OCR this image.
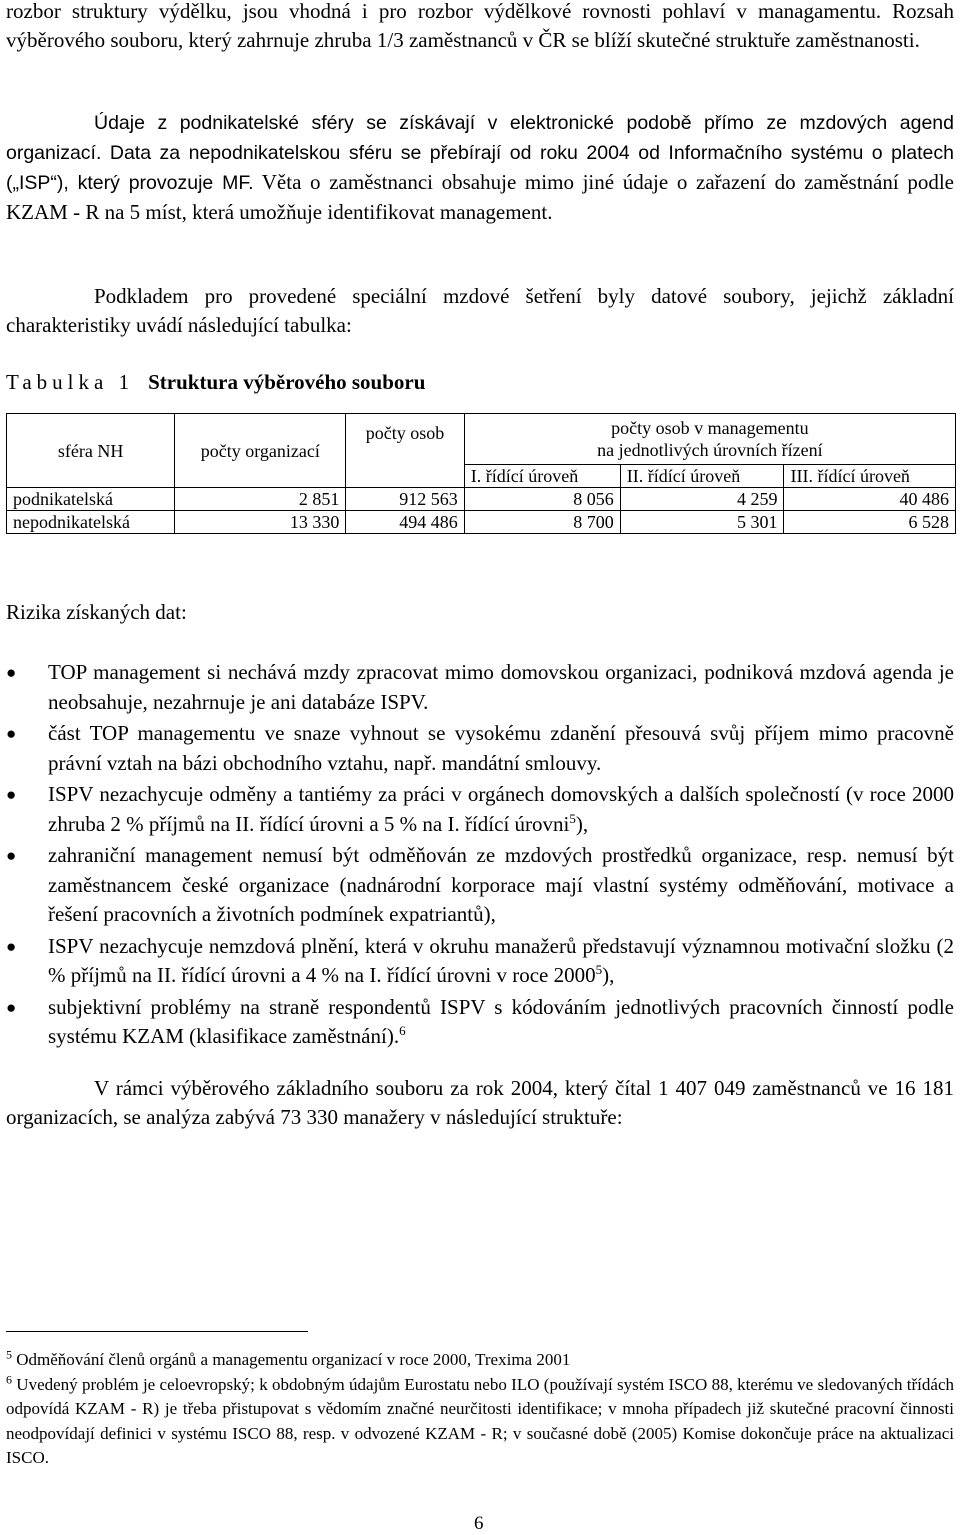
rozbor struktury výdělku, jsou vhodná i pro rozbor výdělkové rovnosti pohlaví v managamentu. Rozsah výběrového souboru, který zahrnuje zhruba 1/3 zaměstnanců v ČR se blíží skutečné struktuře zaměstnanosti.

Údaje z podnikatelské sféry se získávají v elektronické podobě přímo ze mzdových agend organizací. Data za nepodnikatelskou sféru se přebírají od roku 2004 od Informačního systému o platech („ISP“), který provozuje MF. Věta o zaměstnanci obsahuje mimo jiné údaje o zařazení do zaměstnání podle KZAM - R na 5 míst, která umožňuje identifikovat management.

Podkladem pro provedené speciální mzdové šetření byly datové soubory, jejichž základní charakteristiky uvádí následující tabulka:

Tabulka 1 Struktura výběrového souboru
sféra NH	počty organizací	počty osob	počty osob v managementu
na jednotlivých úrovních řízení		

			I. řídící úroveň	II. řídící úroveň	III. řídící úroveň
podnikatelská	2 851	912 563	8 056	4 259	40 486
nepodnikatelská	13 330	494 486	8 700	5 301	6 528
Rizika získaných dat:
● TOP management si nechává mzdy zpracovat mimo domovskou organizaci, podniková mzdová agenda je neobsahuje, nezahrnuje je ani databáze ISPV.
● část TOP managementu ve snaze vyhnout se vysokému zdanění přesouvá svůj příjem mimo pracovně právní vztah na bázi obchodního vztahu, např. mandátní smlouvy.
● ISPV nezachycuje odměny a tantiémy za práci v orgánech domovských a dalších společností (v roce 2000 zhruba 2 % příjmů na II. řídící úrovni a 5 % na I. řídící úrovni$^5$),
● zahraniční management nemusí být odměňován ze mzdových prostředků organizace, resp. nemusí být zaměstnancem české organizace (nadnárodní korporace mají vlastní systémy odměňování, motivace a řešení pracovních a životních podmínek expatriantů),
● ISPV nezachycuje nemzdová plnění, která v okruhu manažerů představují významnou motivační složku (2 % příjmů na II. řídící úrovni a 4 % na I. řídící úrovni v roce 2000$^5$),
● subjektivní problémy na straně respondentů ISPV s kódováním jednotlivých pracovních činností podle systému KZAM (klasifikace zaměstnání).$^6$

V rámci výběrového základního souboru za rok 2004, který čítal 1 407 049 zaměstnanců ve 16 181 organizacích, se analýza zabývá 73 330 manažery v následující struktuře:

$^5$ Odměňování členů orgánů a managementu organizací v roce 2000, Trexima 2001

$^6$ Uvedený problém je celoevropský; k obdobným údajům Eurostatu nebo ILO (používají systém ISCO 88, kterému ve sledovaných třídách odpovídá KZAM - R) je třeba přistupovat s vědomím značné neurčitosti identifikace; v mnoha případech již skutečné pracovní činnosti neodpovídají definici v systému ISCO 88, resp. v odvozené KZAM - R; v současné době (2005) Komise dokončuje práce na aktualizaci ISCO.

6
